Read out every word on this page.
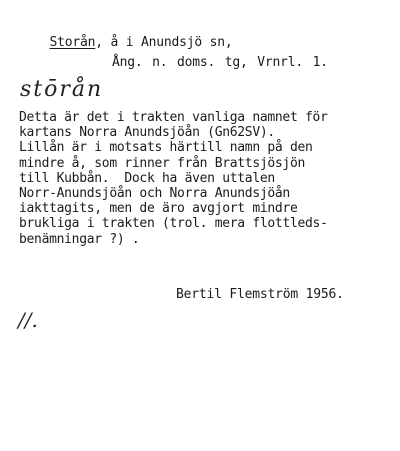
Storån, å i Anundsjö sn,

Ång. n. doms. tg, Vrnrl. 1.
stōrån
Detta är det i trakten vanliga namnet för
kartans Norra Anundsjöån (Gn62SV).
Lillån är i motsats härtill namn på den
mindre å, som rinner från Brattsjösjön
till Kubbån.  Dock ha även uttalen
Norr-Anundsjöån och Norra Anundsjöån
iakttagits, men de äro avgjort mindre
brukliga i trakten (trol. mera flottleds-
benämningar ?) .
Bertil Flemström 1956.
//.
